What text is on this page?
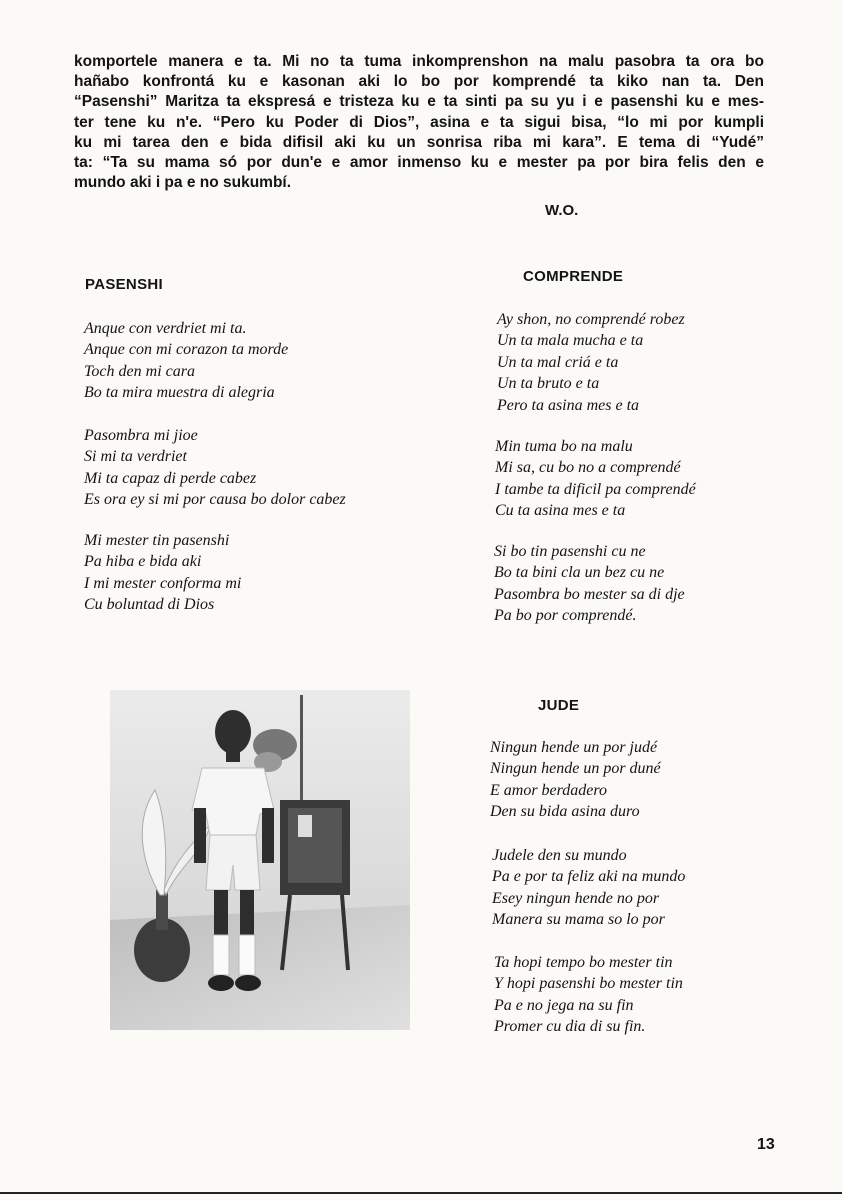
komportele manera e ta. Mi no ta tuma inkomprenshon na malu pasobra ta ora bo
hañabo konfrontá ku e kasonan aki lo bo por komprendé ta kiko nan ta. Den
“Pasenshi” Maritza ta ekspresá e tristeza ku e ta sinti pa su yu i e pasenshi ku e mes-
ter tene ku n'e. “Pero ku Poder di Dios”, asina e ta sigui bisa, “lo mi por kumpli
ku mi tarea den e bida difisil aki ku un sonrisa riba mi kara”. E tema di “Yudé”
ta: “Ta su mama só por dun'e e amor inmenso ku e mester pa por bira felis den e
mundo aki i pa e no sukumbí.
W.O.
PASENSHI
Anque con verdriet mi ta.
Anque con mi corazon ta morde
Toch den mi cara
Bo ta mira muestra di alegria
Pasombra mi jioe
Si mi ta verdriet
Mi ta capaz di perde cabez
Es ora ey si mi por causa bo dolor cabez
Mi mester tin pasenshi
Pa hiba e bida aki
I mi mester conforma mi
Cu boluntad di Dios
COMPRENDE
Ay shon, no comprendé robez
Un ta mala mucha e ta
Un ta mal criá e ta
Un ta bruto e ta
Pero ta asina mes e ta
Min tuma bo na malu
Mi sa, cu bo no a comprendé
I tambe ta dificil pa comprendé
Cu ta asina mes e ta
Si bo tin pasenshi cu ne
Bo ta bini cla un bez cu ne
Pasombra bo mester sa di dje
Pa bo por comprendé.
JUDE
Ningun hende un por judé
Ningun hende un por duné
E amor berdadero
Den su bida asina duro
Judele den su mundo
Pa e por ta feliz aki na mundo
Esey ningun hende no por
Manera su mama so lo por
Ta hopi tempo bo mester tin
Y hopi pasenshi bo mester tin
Pa e no jega na su fin
Promer cu dia di su fin.
13
